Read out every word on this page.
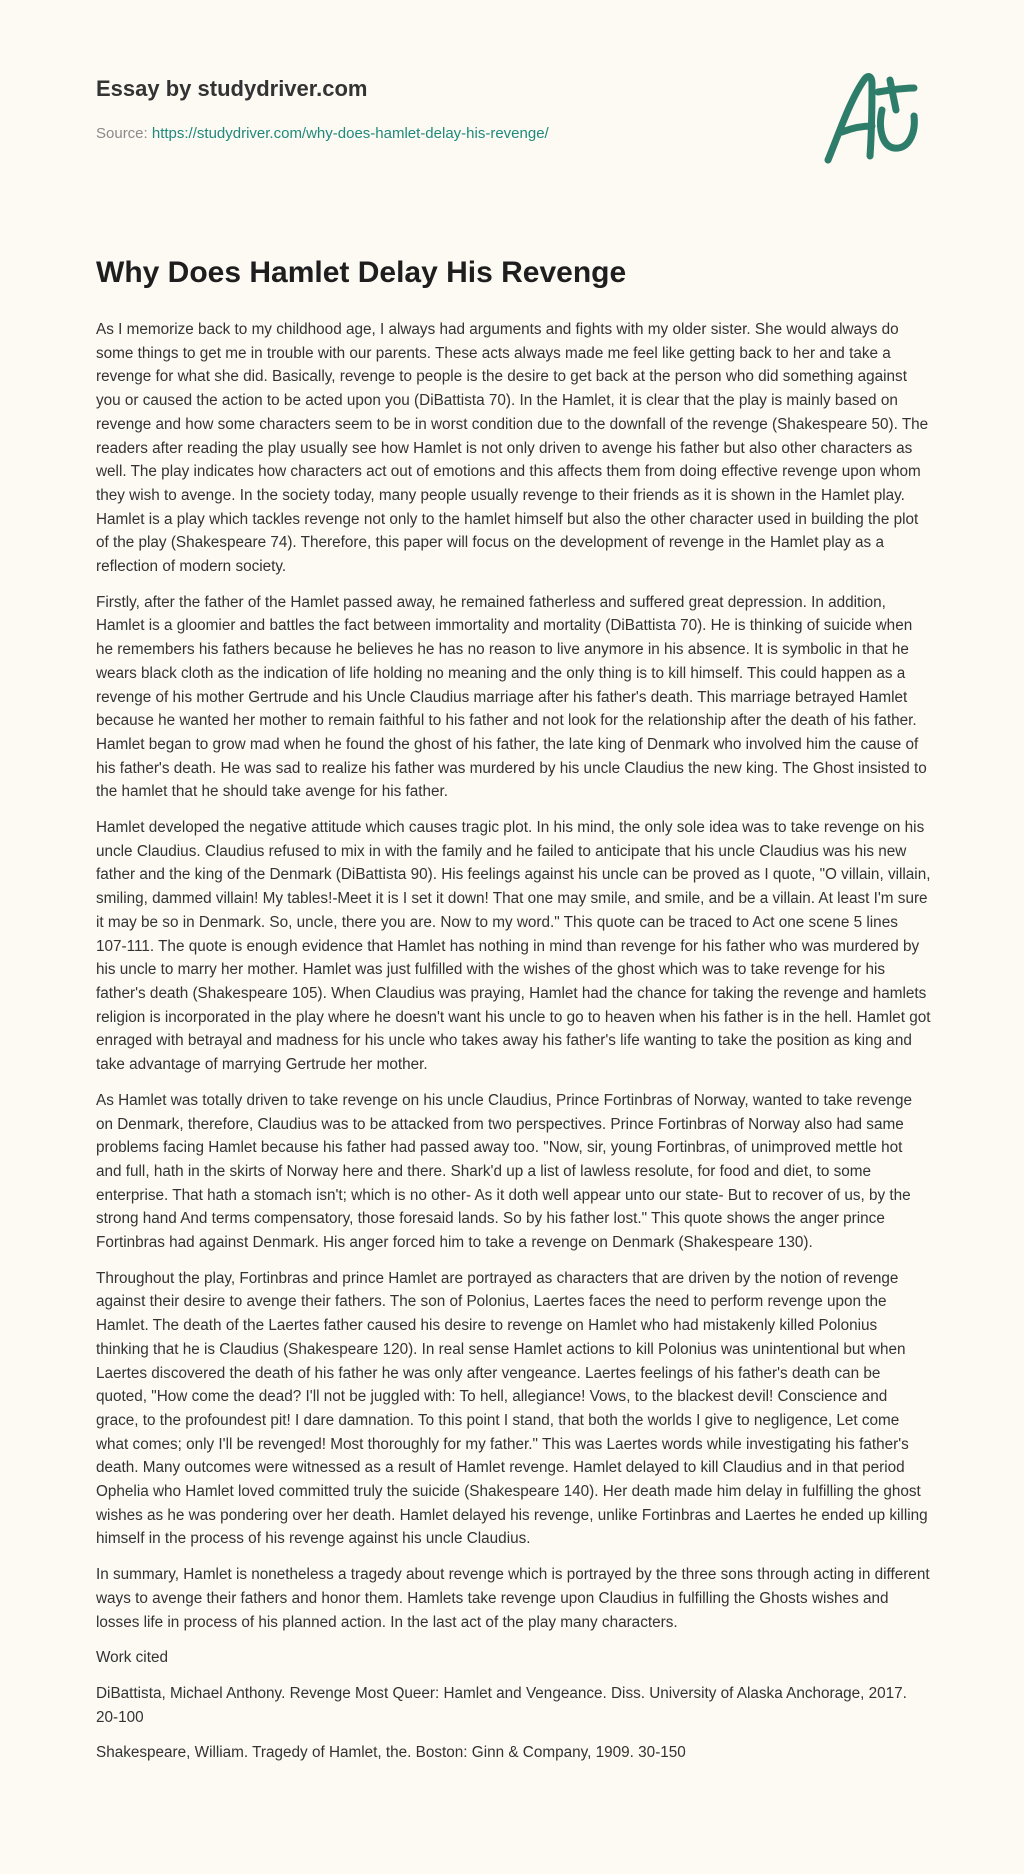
Essay by studydriver.com
Source: https://studydriver.com/why-does-hamlet-delay-his-revenge/
Why Does Hamlet Delay His Revenge

As I memorize back to my childhood age, I always had arguments and fights with my older sister. She would always do some things to get me in trouble with our parents. These acts always made me feel like getting back to her and take a revenge for what she did. Basically, revenge to people is the desire to get back at the person who did something against you or caused the action to be acted upon you (DiBattista 70). In the Hamlet, it is clear that the play is mainly based on revenge and how some characters seem to be in worst condition due to the downfall of the revenge (Shakespeare 50). The readers after reading the play usually see how Hamlet is not only driven to avenge his father but also other characters as well. The play indicates how characters act out of emotions and this affects them from doing effective revenge upon whom they wish to avenge. In the society today, many people usually revenge to their friends as it is shown in the Hamlet play. Hamlet is a play which tackles revenge not only to the hamlet himself but also the other character used in building the plot of the play (Shakespeare 74). Therefore, this paper will focus on the development of revenge in the Hamlet play as a reflection of modern society.

Firstly, after the father of the Hamlet passed away, he remained fatherless and suffered great depression. In addition, Hamlet is a gloomier and battles the fact between immortality and mortality (DiBattista 70). He is thinking of suicide when he remembers his fathers because he believes he has no reason to live anymore in his absence. It is symbolic in that he wears black cloth as the indication of life holding no meaning and the only thing is to kill himself. This could happen as a revenge of his mother Gertrude and his Uncle Claudius marriage after his father's death. This marriage betrayed Hamlet because he wanted her mother to remain faithful to his father and not look for the relationship after the death of his father. Hamlet began to grow mad when he found the ghost of his father, the late king of Denmark who involved him the cause of his father's death. He was sad to realize his father was murdered by his uncle Claudius the new king. The Ghost insisted to the hamlet that he should take avenge for his father.

Hamlet developed the negative attitude which causes tragic plot. In his mind, the only sole idea was to take revenge on his uncle Claudius. Claudius refused to mix in with the family and he failed to anticipate that his uncle Claudius was his new father and the king of the Denmark (DiBattista 90). His feelings against his uncle can be proved as I quote, "O villain, villain, smiling, dammed villain! My tables!-Meet it is I set it down! That one may smile, and smile, and be a villain. At least I'm sure it may be so in Denmark. So, uncle, there you are. Now to my word." This quote can be traced to Act one scene 5 lines 107-111. The quote is enough evidence that Hamlet has nothing in mind than revenge for his father who was murdered by his uncle to marry her mother. Hamlet was just fulfilled with the wishes of the ghost which was to take revenge for his father's death (Shakespeare 105). When Claudius was praying, Hamlet had the chance for taking the revenge and hamlets religion is incorporated in the play where he doesn't want his uncle to go to heaven when his father is in the hell. Hamlet got enraged with betrayal and madness for his uncle who takes away his father's life wanting to take the position as king and take advantage of marrying Gertrude her mother.

As Hamlet was totally driven to take revenge on his uncle Claudius, Prince Fortinbras of Norway, wanted to take revenge on Denmark, therefore, Claudius was to be attacked from two perspectives. Prince Fortinbras of Norway also had same problems facing Hamlet because his father had passed away too. "Now, sir, young Fortinbras, of unimproved mettle hot and full, hath in the skirts of Norway here and there. Shark'd up a list of lawless resolute, for food and diet, to some enterprise. That hath a stomach isn't; which is no other- As it doth well appear unto our state- But to recover of us, by the strong hand And terms compensatory, those foresaid lands. So by his father lost." This quote shows the anger prince Fortinbras had against Denmark. His anger forced him to take a revenge on Denmark (Shakespeare 130).

Throughout the play, Fortinbras and prince Hamlet are portrayed as characters that are driven by the notion of revenge against their desire to avenge their fathers. The son of Polonius, Laertes faces the need to perform revenge upon the Hamlet. The death of the Laertes father caused his desire to revenge on Hamlet who had mistakenly killed Polonius thinking that he is Claudius (Shakespeare 120). In real sense Hamlet actions to kill Polonius was unintentional but when Laertes discovered the death of his father he was only after vengeance. Laertes feelings of his father's death can be quoted, "How come the dead? I'll not be juggled with: To hell, allegiance! Vows, to the blackest devil! Conscience and grace, to the profoundest pit! I dare damnation. To this point I stand, that both the worlds I give to negligence, Let come what comes; only I'll be revenged! Most thoroughly for my father." This was Laertes words while investigating his father's death. Many outcomes were witnessed as a result of Hamlet revenge. Hamlet delayed to kill Claudius and in that period Ophelia who Hamlet loved committed truly the suicide (Shakespeare 140). Her death made him delay in fulfilling the ghost wishes as he was pondering over her death. Hamlet delayed his revenge, unlike Fortinbras and Laertes he ended up killing himself in the process of his revenge against his uncle Claudius.

In summary, Hamlet is nonetheless a tragedy about revenge which is portrayed by the three sons through acting in different ways to avenge their fathers and honor them. Hamlets take revenge upon Claudius in fulfilling the Ghosts wishes and losses life in process of his planned action. In the last act of the play many characters.

Work cited

DiBattista, Michael Anthony. Revenge Most Queer: Hamlet and Vengeance. Diss. University of Alaska Anchorage, 2017. 20-100

Shakespeare, William. Tragedy of Hamlet, the. Boston: Ginn & Company, 1909. 30-150
